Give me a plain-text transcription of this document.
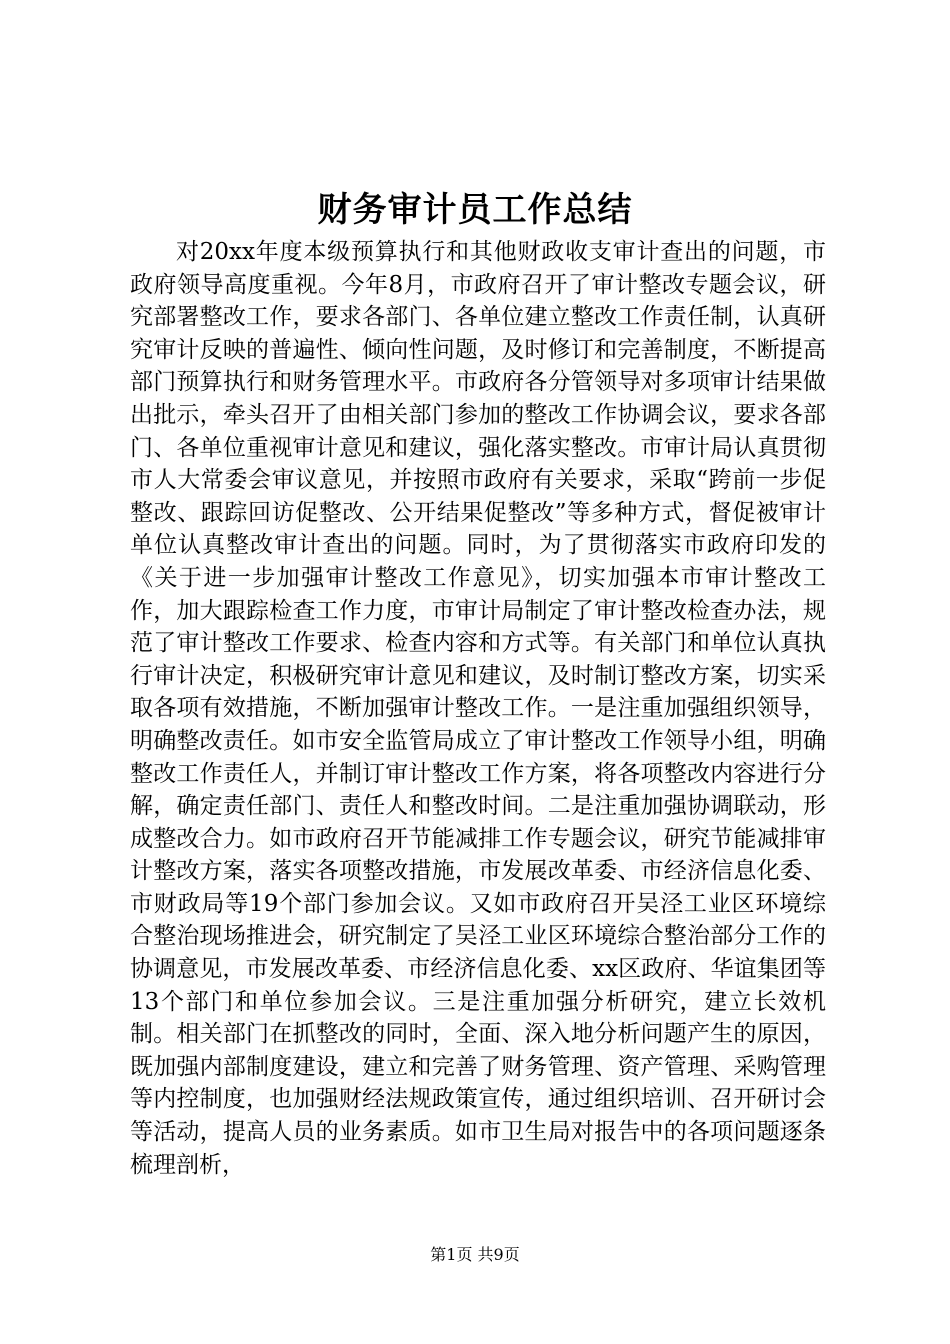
财务审计员工作总结

对20xx年度本级预算执行和其他财政收支审计查出的问题，市政府领导高度重视。今年8月，市政府召开了审计整改专题会议，研究部署整改工作，要求各部门、各单位建立整改工作责任制，认真研究审计反映的普遍性、倾向性问题，及时修订和完善制度，不断提高部门预算执行和财务管理水平。市政府各分管领导对多项审计结果做出批示，牵头召开了由相关部门参加的整改工作协调会议，要求各部门、各单位重视审计意见和建议，强化落实整改。市审计局认真贯彻市人大常委会审议意见，并按照市政府有关要求，采取“跨前一步促整改、跟踪回访促整改、公开结果促整改”等多种方式，督促被审计单位认真整改审计查出的问题。同时，为了贯彻落实市政府印发的《关于进一步加强审计整改工作意见》，切实加强本市审计整改工作，加大跟踪检查工作力度，市审计局制定了审计整改检查办法，规范了审计整改工作要求、检查内容和方式等。有关部门和单位认真执行审计决定，积极研究审计意见和建议，及时制订整改方案，切实采取各项有效措施，不断加强审计整改工作。一是注重加强组织领导，明确整改责任。如市安全监管局成立了审计整改工作领导小组，明确整改工作责任人，并制订审计整改工作方案，将各项整改内容进行分解，确定责任部门、责任人和整改时间。二是注重加强协调联动，形成整改合力。如市政府召开节能减排工作专题会议，研究节能减排审计整改方案，落实各项整改措施，市发展改革委、市经济信息化委、市财政局等19个部门参加会议。又如市政府召开吴泾工业区环境综合整治现场推进会，研究制定了吴泾工业区环境综合整治部分工作的协调意见，市发展改革委、市经济信息化委、xx区政府、华谊集团等13个部门和单位参加会议。三是注重加强分析研究，建立长效机制。相关部门在抓整改的同时，全面、深入地分析问题产生的原因，既加强内部制度建设，建立和完善了财务管理、资产管理、采购管理等内控制度，也加强财经法规政策宣传，通过组织培训、召开研讨会等活动，提高人员的业务素质。如市卫生局对报告中的各项问题逐条梳理剖析，

第1页 共9页
